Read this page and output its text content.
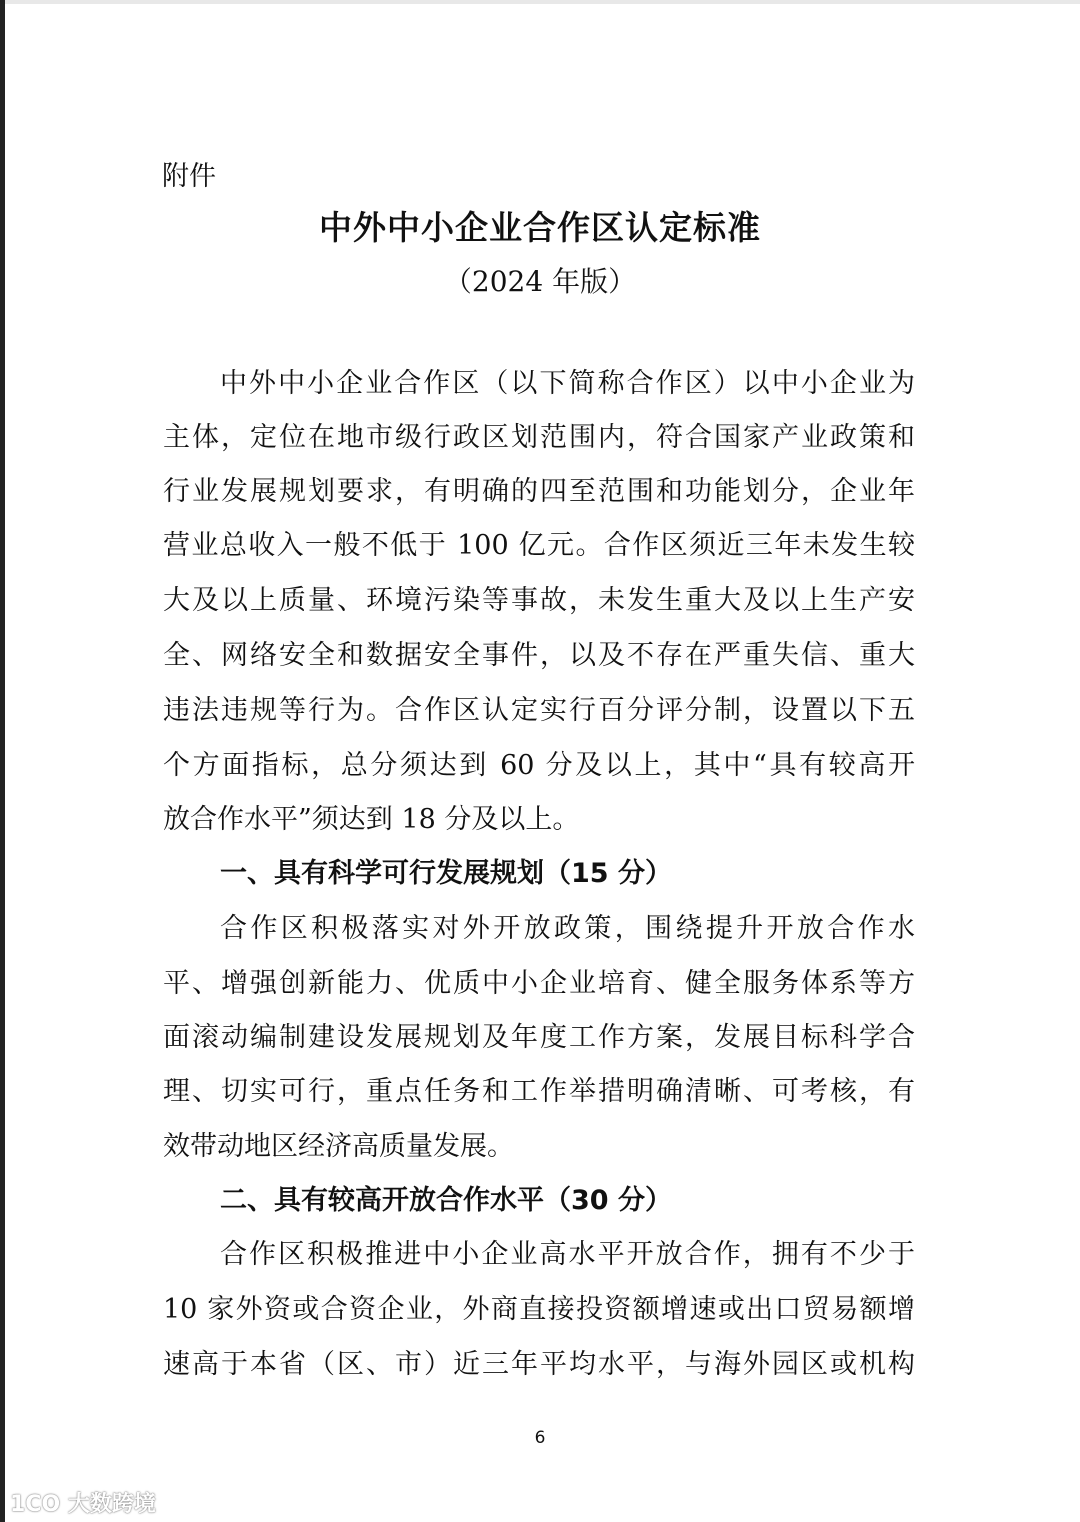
附件
中外中小企业合作区认定标准
（2024 年版）
中外中小企业合作区（以下简称合作区）以中小企业为
主体，定位在地市级行政区划范围内，符合国家产业政策和
行业发展规划要求，有明确的四至范围和功能划分，企业年
营业总收入一般不低于 100 亿元。合作区须近三年未发生较
大及以上质量、环境污染等事故，未发生重大及以上生产安
全、网络安全和数据安全事件，以及不存在严重失信、重大
违法违规等行为。合作区认定实行百分评分制，设置以下五
个方面指标，总分须达到 60 分及以上，其中“具有较高开
放合作水平”须达到 18 分及以上。
一、具有科学可行发展规划（15 分）
合作区积极落实对外开放政策，围绕提升开放合作水
平、增强创新能力、优质中小企业培育、健全服务体系等方
面滚动编制建设发展规划及年度工作方案，发展目标科学合
理、切实可行，重点任务和工作举措明确清晰、可考核，有
效带动地区经济高质量发展。
二、具有较高开放合作水平（30 分）
合作区积极推进中小企业高水平开放合作，拥有不少于
10 家外资或合资企业，外商直接投资额增速或出口贸易额增
速高于本省（区、市）近三年平均水平，与海外园区或机构
6
1CO 大数跨境
